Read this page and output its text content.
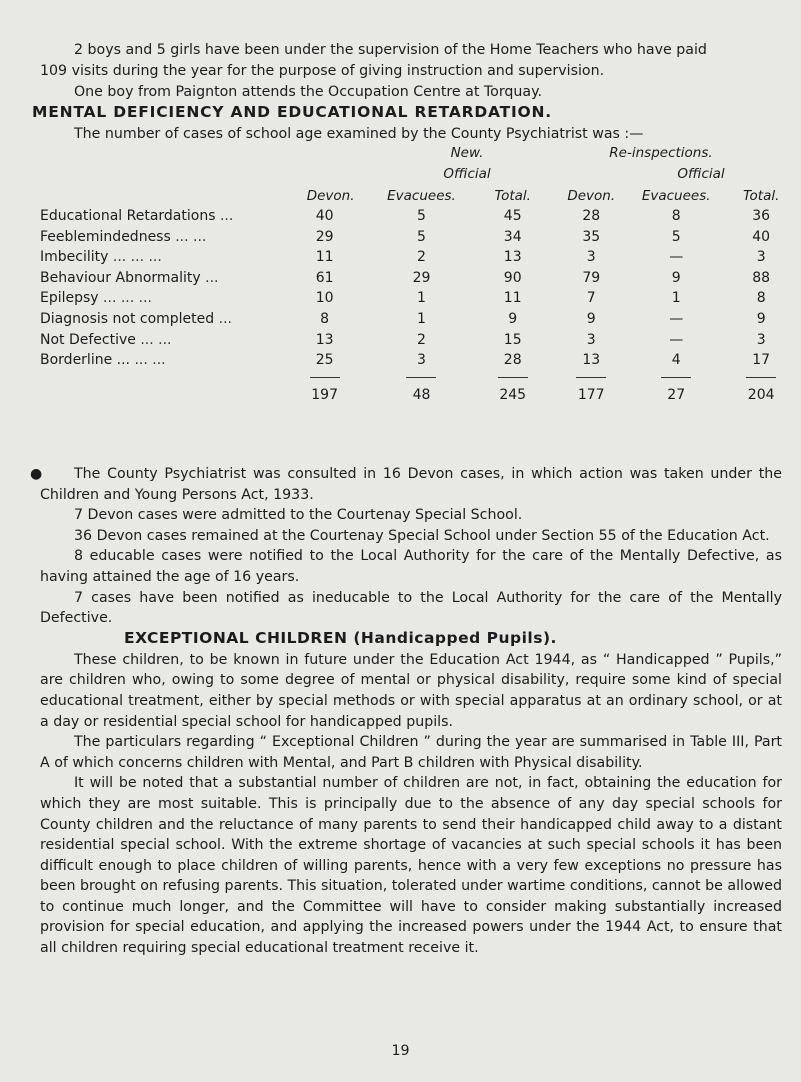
2 boys and 5 girls have been under the supervision of the Home Teachers who have paid
109 visits during the year for the purpose of giving instruction and supervision.
One boy from Paignton attends the Occupation Centre at Torquay.
MENTAL DEFICIENCY AND EDUCATIONAL RETARDATION.
The number of cases of school age examined by the County Psychiatrist was :—
New.	Re-inspections.
Official	Official
	Devon.	Evacuees.	Total.	Devon.	Evacuees.	Total.
Educational Retardations ...	40	5	45	28	8	36
Feeblemindedness ... ...	29	5	34	35	5	40
Imbecility ... ... ...	11	2	13	3	—	3
Behaviour Abnormality ...	61	29	90	79	9	88
Epilepsy ... ... ...	10	1	11	7	1	8
Diagnosis not completed ...	8	1	9	9	—	9
Not Defective ... ...	13	2	15	3	—	3
Borderline ... ... ...	25	3	28	13	4	17

	197	48	245	177	27	204
●	The County Psychiatrist was consulted in 16 Devon cases, in which action was taken under the Children and Young Persons Act, 1933.

7 Devon cases were admitted to the Courtenay Special School.

36 Devon cases remained at the Courtenay Special School under Section 55 of the Education Act.

8 educable cases were notified to the Local Authority for the care of the Mentally Defective, as having attained the age of 16 years.

7 cases have been notified as ineducable to the Local Authority for the care of the Mentally Defective.

These children, to be known in future under the Education Act 1944, as “ Handicapped ” Pupils,” are children who, owing to some degree of mental or physical disability, require some kind of special educational treatment, either by special methods or with special apparatus at an ordinary school, or at a day or residential special school for handicapped pupils.

The particulars regarding “ Exceptional Children ” during the year are summarised in Table III, Part A of which concerns children with Mental, and Part B children with Physical disability.

It will be noted that a substantial number of children are not, in fact, obtaining the education for which they are most suitable. This is principally due to the absence of any day special schools for County children and the reluctance of many parents to send their handicapped child away to a distant residential special school. With the extreme shortage of vacancies at such special schools it has been difficult enough to place children of willing parents, hence with a very few exceptions no pressure has been brought on refusing parents. This situation, tolerated under wartime conditions, cannot be allowed to continue much longer, and the Committee will have to consider making substantially increased provision for special education, and applying the increased powers under the 1944 Act, to ensure that all children requiring special educational treatment receive it.

EXCEPTIONAL CHILDREN (Handicapped Pupils).
19
